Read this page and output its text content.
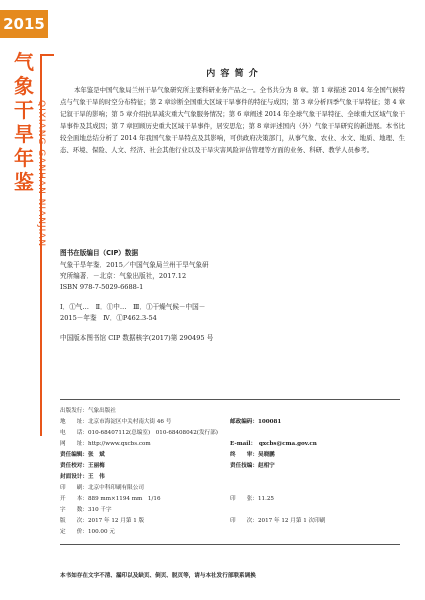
2015
气
象
干
旱
年
鉴 QIXIANG GANHAN NIANJIAN
内 容 简 介

本年鉴是中国气象局兰州干旱气象研究所主要科研业务产品之一。全书共分为 8 章。第 1 章描述 2014 年全国气候特点与气象干旱的时空分布特征；第 2 章诊断全国重大区域干旱事件的特征与成因；第 3 章分析四季气象干旱特征；第 4 章记叙干旱的影响；第 5 章介绍抗旱减灾重大气象服务情况；第 6 章阐述 2014 年全球气象干旱特征、全球重大区域气象干旱事件及其成因；第 7 章回顾历史重大区域干旱事件，居安思危；第 8 章评述国内（外）气象干旱研究的新进展。本书比较全面地总结分析了 2014 年我国气象干旱特点及其影响，可供政府决策部门，从事气象、农业、水文、地质、地理、生态、环境、保险、人文、经济、社会其他行业以及干旱灾害风险评估管理等方面的业务、科研、教学人员参考。

图书在版编目（CIP）数据
气象干旱年鉴．2015／中国气象局兰州干旱气象研
究所编著．－北京：气象出版社，2017.12
ISBN 978-7-5029-6688-1
Ⅰ．①气…　Ⅱ．①中…　Ⅲ．①干燥气候－中国－
2015－年鉴　Ⅳ．①P462.3-54
中国版本图书馆 CIP 数据核字(2017)第 290495 号
出版发行：气象出版社
地　　址：北京市海淀区中关村南大街 46 号	邮政编码：100081
电　　话：010-68407112(总编室)　010-68408042(发行部)
网　　址：http://www.qxcbs.com	E-mail：　qxcbs@cma.gov.cn
责任编辑：张　斌	终　　审：吴晓鹏
责任校对：王丽梅	责任技编：赵相宁
封面设计：王　伟
印　　刷：北京中科印刷有限公司
开　　本：889 mm×1194 mm　1/16	印　　张：11.25
字　　数：310 千字
版　　次：2017 年 12 月第 1 版	印　　次：2017 年 12 月第 1 次印刷
定　　价：100.00 元
本书如存在文字不清、漏印以及缺页、倒页、脱页等，请与本社发行部联系调换
